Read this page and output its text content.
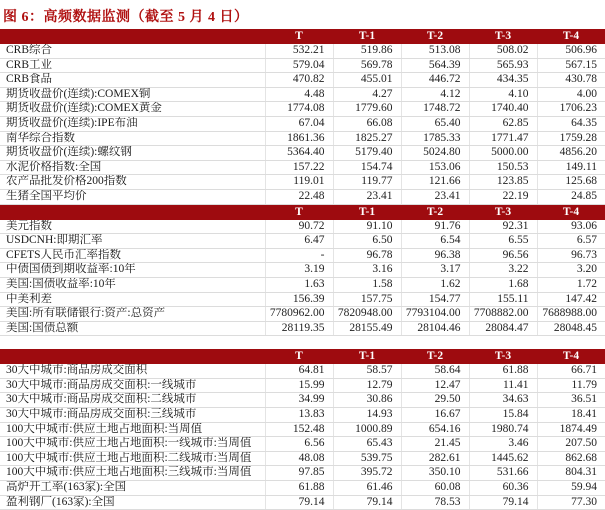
图 6：高频数据监测（截至 5 月 4 日）
	T	T-1	T-2	T-3	T-4
CRB综合	532.21	519.86	513.08	508.02	506.96
CRB工业	579.04	569.78	564.39	565.93	567.15
CRB食品	470.82	455.01	446.72	434.35	430.78
期货收盘价(连续):COMEX铜	4.48	4.27	4.12	4.10	4.00
期货收盘价(连续):COMEX黄金	1774.08	1779.60	1748.72	1740.40	1706.23
期货收盘价(连续):IPE布油	67.04	66.08	65.40	62.85	64.35
南华综合指数	1861.36	1825.27	1785.33	1771.47	1759.28
期货收盘价(连续):螺纹钢	5364.40	5179.40	5024.80	5000.00	4856.20
水泥价格指数:全国	157.22	154.74	153.06	150.53	149.11
农产品批发价格200指数	119.01	119.77	121.66	123.85	125.68
生猪全国平均价	22.48	23.41	23.41	22.19	24.85
	T	T-1	T-2	T-3	T-4
美元指数	90.72	91.10	91.76	92.31	93.06
USDCNH:即期汇率	6.47	6.50	6.54	6.55	6.57
CFETS人民币汇率指数	-	96.78	96.38	96.56	96.73
中债国债到期收益率:10年	3.19	3.16	3.17	3.22	3.20
美国:国债收益率:10年	1.63	1.58	1.62	1.68	1.72
中美利差	156.39	157.75	154.77	155.11	147.42
美国:所有联储银行:资产:总资产	7780962.00	7820948.00	7793104.00	7708882.00	7688988.00
美国:国债总额	28119.35	28155.49	28104.46	28084.47	28048.45
	T	T-1	T-2	T-3	T-4
30大中城市:商品房成交面积	64.81	58.57	58.64	61.88	66.71
30大中城市:商品房成交面积:一线城市	15.99	12.79	12.47	11.41	11.79
30大中城市:商品房成交面积:二线城市	34.99	30.86	29.50	34.63	36.51
30大中城市:商品房成交面积:三线城市	13.83	14.93	16.67	15.84	18.41
100大中城市:供应土地占地面积:当周值	152.48	1000.89	654.16	1980.74	1874.49
100大中城市:供应土地占地面积:一线城市:当周值	6.56	65.43	21.45	3.46	207.50
100大中城市:供应土地占地面积:二线城市:当周值	48.08	539.75	282.61	1445.62	862.68
100大中城市:供应土地占地面积:三线城市:当周值	97.85	395.72	350.10	531.66	804.31
高炉开工率(163家):全国	61.88	61.46	60.08	60.36	59.94
盈利钢厂(163家):全国	79.14	79.14	78.53	79.14	77.30
